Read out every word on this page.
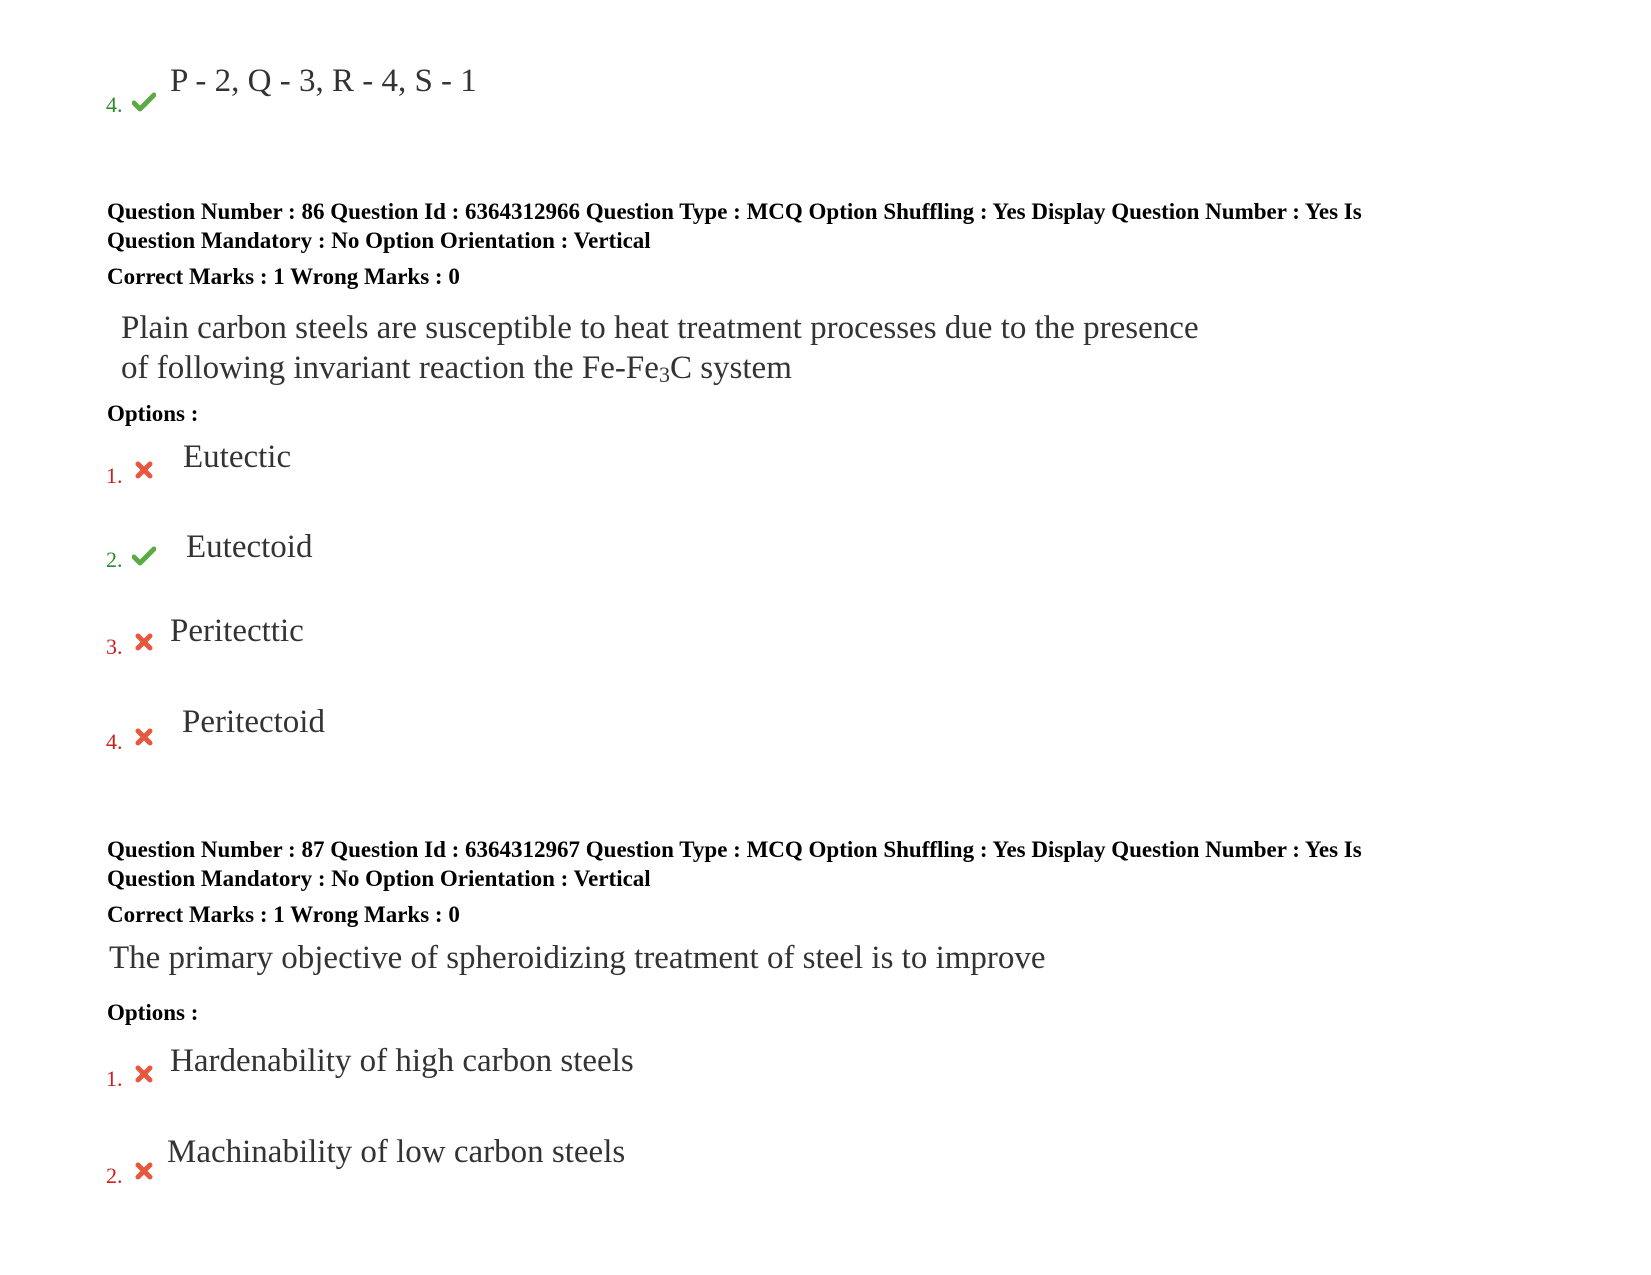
4.
P - 2, Q - 3, R - 4, S - 1
Question Number : 86 Question Id : 6364312966 Question Type : MCQ Option Shuffling : Yes Display Question Number : Yes Is
Question Mandatory : No Option Orientation : Vertical
Correct Marks : 1 Wrong Marks : 0
Plain carbon steels are susceptible to heat treatment processes due to the presence
of following invariant reaction the $Fe-Fe_3C$ system
Options :
1.
Eutectic
2. Eutectoid
3. Peritecttic
4.
Peritectoid
Question Number : 87 Question Id : 6364312967 Question Type : MCQ Option Shuffling : Yes Display Question Number : Yes Is
Question Mandatory : No Option Orientation : Vertical
Correct Marks : 1 Wrong Marks : 0
The primary objective of spheroidizing treatment of steel is to improve
Options :
1. Hardenability of high carbon steels
2.
Machinability of low carbon steels
